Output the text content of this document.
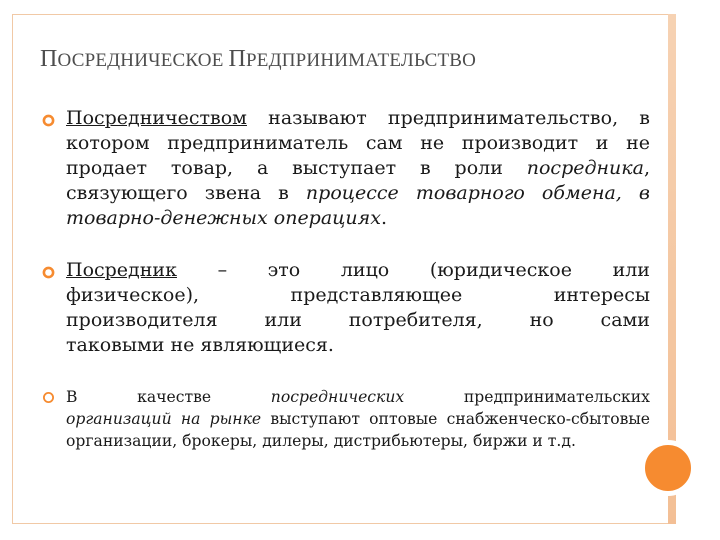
ПОСРЕДНИЧЕСКОЕ ПРЕДПРИНИМАТЕЛЬСТВО
Посредничеством называют предпринимательство, в котором предприниматель сам не производит и не продает товар, а выступает в роли посредника, связующего звена в процессе товарного обмена, в товарно-денежных операциях.
Посредник – это лицо (юридическое или
физическое),	представляющее	интересы
производителя или потребителя, но сами
таковыми не являющиеся.
В	качестве	посреднических	предпринимательских
организаций на рынке выступают оптовые снабженческо-сбытовые организации, брокеры, дилеры, дистрибьютеры, биржи и т.д.
